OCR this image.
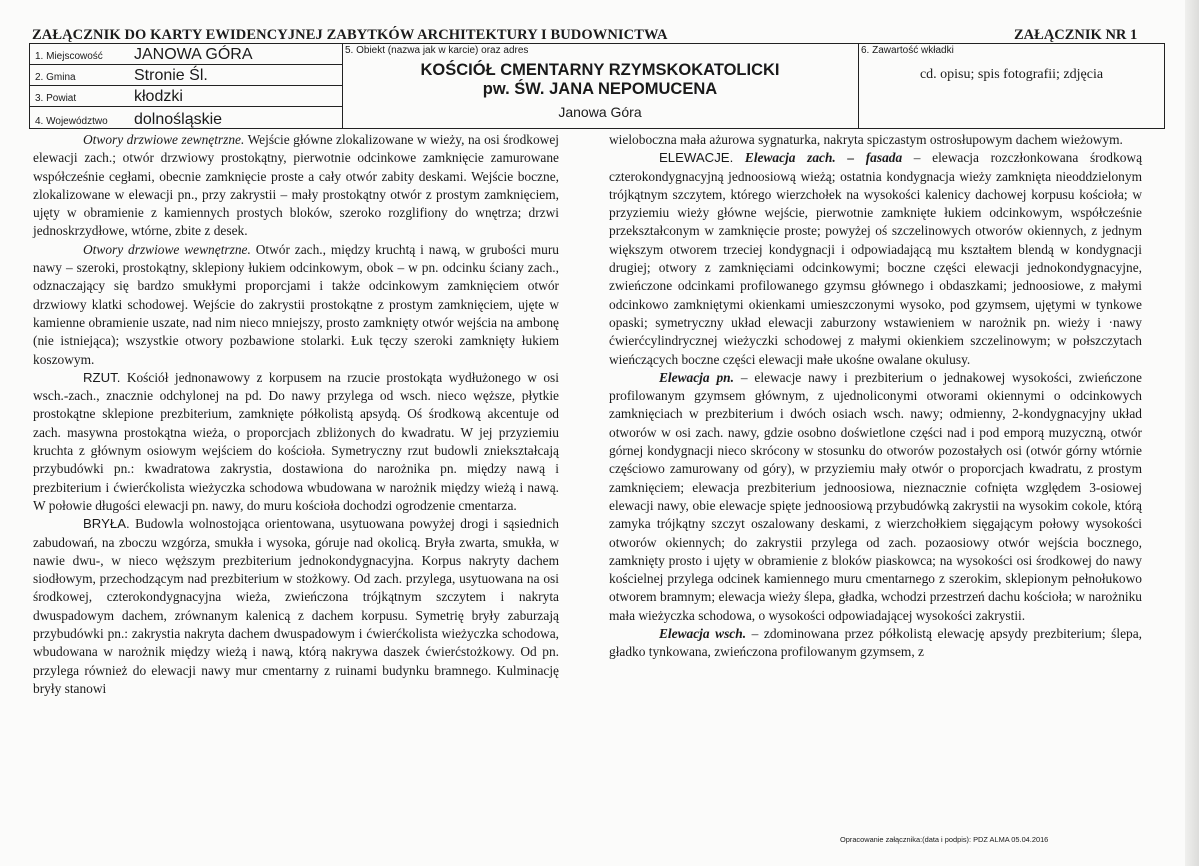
ZAŁĄCZNIK DO KARTY EWIDENCYJNEJ ZABYTKÓW ARCHITEKTURY I BUDOWNICTWA	ZAŁĄCZNIK NR 1
1. Miejscowość JANOWA GÓRA
2. Gmina	Stronie Śl.
3. Powiat	kłodzki
4. Województwo dolnośląskie
5. Obiekt (nazwa jak w karcie) oraz adres
KOŚCIÓŁ CMENTARNY RZYMSKOKATOLICKI
pw. ŚW. JANA NEPOMUCENA
Janowa Góra
6. Zawartość wkładki
cd. opisu; spis fotografii; zdjęcia

Otwory drzwiowe zewnętrzne. Wejście główne zlokalizowane w wieży, na osi środkowej elewacji zach.; otwór drzwiowy prostokątny, pierwotnie odcinkowe zamknięcie zamurowane współcześnie cegłami, obecnie zamknięcie proste a cały otwór zabity deskami. Wejście boczne, zlokalizowane w elewacji pn., przy zakrystii – mały prostokątny otwór z prostym zamknięciem, ujęty w obramienie z kamiennych prostych bloków, szeroko rozglifiony do wnętrza; drzwi jednoskrzydłowe, wtórne, zbite z desek.

Otwory drzwiowe wewnętrzne. Otwór zach., między kruchtą i nawą, w grubości muru nawy – szeroki, prostokątny, sklepiony łukiem odcinkowym, obok – w pn. odcinku ściany zach., odznaczający się bardzo smukłymi proporcjami i także odcinkowym zamknięciem otwór drzwiowy klatki schodowej. Wejście do zakrystii prostokątne z prostym zamknięciem, ujęte w kamienne obramienie uszate, nad nim nieco mniejszy, prosto zamknięty otwór wejścia na ambonę (nie istniejąca); wszystkie otwory pozbawione stolarki. Łuk tęczy szeroki zamknięty łukiem koszowym.

RZUT. Kościół jednonawowy z korpusem na rzucie prostokąta wydłużonego w osi wsch.-zach., znacznie odchylonej na pd. Do nawy przylega od wsch. nieco węższe, płytkie prostokątne sklepione prezbiterium, zamknięte półkolistą apsydą. Oś środkową akcentuje od zach. masywna prostokątna wieża, o proporcjach zbliżonych do kwadratu. W jej przyziemiu kruchta z głównym osiowym wejściem do kościoła. Symetryczny rzut budowli zniekształcają przybudówki pn.: kwadratowa zakrystia, dostawiona do narożnika pn. między nawą i prezbiterium i ćwierćkolista wieżyczka schodowa wbudowana w narożnik między wieżą i nawą. W połowie długości elewacji pn. nawy, do muru kościoła dochodzi ogrodzenie cmentarza.

BRYŁA. Budowla wolnostojąca orientowana, usytuowana powyżej drogi i sąsiednich zabudowań, na zboczu wzgórza, smukła i wysoka, góruje nad okolicą. Bryła zwarta, smukła, w nawie dwu-, w nieco węższym prezbiterium jednokondygnacyjna. Korpus nakryty dachem siodłowym, przechodzącym nad prezbiterium w stożkowy. Od zach. przylega, usytuowana na osi środkowej, czterokondygnacyjna wieża, zwieńczona trójkątnym szczytem i nakryta dwuspadowym dachem, zrównanym kalenicą z dachem korpusu. Symetrię bryły zaburzają przybudówki pn.: zakrystia nakryta dachem dwuspadowym i ćwierćkolista wieżyczka schodowa, wbudowana w narożnik między wieżą i nawą, którą nakrywa daszek ćwierćstożkowy. Od pn. przylega również do elewacji nawy mur cmentarny z ruinami budynku bramnego. Kulminację bryły stanowi

wieloboczna mała ażurowa sygnaturka, nakryta spiczastym ostrosłupowym dachem wieżowym.

ELEWACJE. Elewacja zach. – fasada – elewacja rozczłonkowana środkową czterokondygnacyjną jednoosiową wieżą; ostatnia kondygnacja wieży zamknięta nieoddzielonym trójkątnym szczytem, którego wierzchołek na wysokości kalenicy dachowej korpusu kościoła; w przyziemiu wieży główne wejście, pierwotnie zamknięte łukiem odcinkowym, współcześnie przekształconym w zamknięcie proste; powyżej oś szczelinowych otworów okiennych, z jednym większym otworem trzeciej kondygnacji i odpowiadającą mu kształtem blendą w kondygnacji drugiej; otwory z zamknięciami odcinkowymi; boczne części elewacji jednokondygnacyjne, zwieńczone odcinkami profilowanego gzymsu głównego i obdaszkami; jednoosiowe, z małymi odcinkowo zamkniętymi okienkami umieszczonymi wysoko, pod gzymsem, ujętymi w tynkowe opaski; symetryczny układ elewacji zaburzony wstawieniem w narożnik pn. wieży i ·nawy ćwierćcylindrycznej wieżyczki schodowej z małymi okienkiem szczelinowym; w połszczytach wieńczących boczne części elewacji małe ukośne owalane okulusy.

Elewacja pn. – elewacje nawy i prezbiterium o jednakowej wysokości, zwieńczone profilowanym gzymsem głównym, z ujednoliconymi otworami okiennymi o odcinkowych zamknięciach w prezbiterium i dwóch osiach wsch. nawy; odmienny, 2-kondygnacyjny układ otworów w osi zach. nawy, gdzie osobno doświetlone części nad i pod emporą muzyczną, otwór górnej kondygnacji nieco skrócony w stosunku do otworów pozostałych osi (otwór górny wtórnie częściowo zamurowany od góry), w przyziemiu mały otwór o proporcjach kwadratu, z prostym zamknięciem; elewacja prezbiterium jednoosiowa, nieznacznie cofnięta względem 3-osiowej elewacji nawy, obie elewacje spięte jednoosiową przybudówką zakrystii na wysokim cokole, którą zamyka trójkątny szczyt oszalowany deskami, z wierzchołkiem sięgającym połowy wysokości otworów okiennych; do zakrystii przylega od zach. pozaosiowy otwór wejścia bocznego, zamknięty prosto i ujęty w obramienie z bloków piaskowca; na wysokości osi środkowej do nawy kościelnej przylega odcinek kamiennego muru cmentarnego z szerokim, sklepionym pełnołukowo otworem bramnym; elewacja wieży ślepa, gładka, wchodzi przestrzeń dachu kościoła; w narożniku mała wieżyczka schodowa, o wysokości odpowiadającej wysokości zakrystii.

Elewacja wsch. – zdominowana przez półkolistą elewację apsydy prezbiterium; ślepa, gładko tynkowana, zwieńczona profilowanym gzymsem, z

Opracowanie załącznika:(data i podpis): PDZ ALMA 05.04.2016
